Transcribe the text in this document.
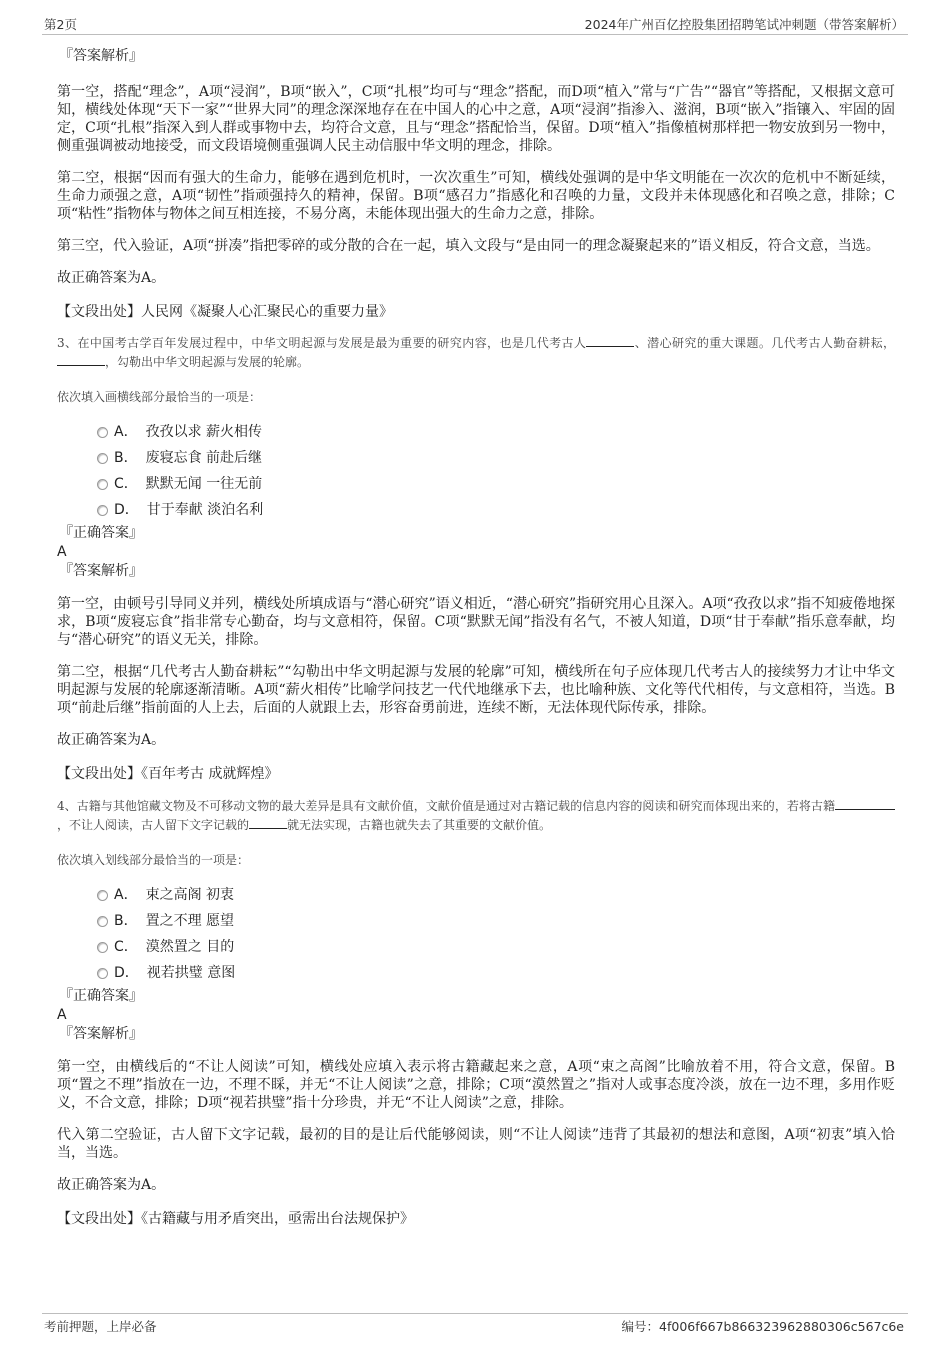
第2页	2024年广州百亿控股集团招聘笔试冲刺题（带答案解析）

『答案解析』

第一空，搭配“理念”，A项“浸润”，B项“嵌入”，C项“扎根”均可与“理念”搭配，而D项“植入”常与“广告”“器官”等搭配，又根据文意可知，横线处体现“天下一家”“世界大同”的理念深深地存在在中国人的心中之意，A项“浸润”指渗入、滋润，B项“嵌入”指镶入、牢固的固定，C项“扎根”指深入到人群或事物中去，均符合文意，且与“理念”搭配恰当，保留。D项“植入”指像植树那样把一物安放到另一物中，侧重强调被动地接受，而文段语境侧重强调人民主动信服中华文明的理念，排除。

第二空，根据“因而有强大的生命力，能够在遇到危机时，一次次重生”可知，横线处强调的是中华文明能在一次次的危机中不断延续，生命力顽强之意，A项“韧性”指顽强持久的精神，保留。B项“感召力”指感化和召唤的力量，文段并未体现感化和召唤之意，排除；C项“粘性”指物体与物体之间互相连接，不易分离，未能体现出强大的生命力之意，排除。

第三空，代入验证，A项“拼凑”指把零碎的或分散的合在一起，填入文段与“是由同一的理念凝聚起来的”语义相反，符合文意，当选。

故正确答案为A。

【文段出处】人民网《凝聚人心汇聚民心的重要力量》

3、在中国考古学百年发展过程中，中华文明起源与发展是最为重要的研究内容，也是几代考古人	、潜心研究的重大课题。几代考古人勤奋耕耘，，勾勒出中华文明起源与发展的轮廓。

依次填入画横线部分最恰当的一项是：

A． 孜孜以求 薪火相传
B． 废寝忘食 前赴后继
C． 默默无闻 一往无前
D． 甘于奉献 淡泊名利

『正确答案』

A

『答案解析』

第一空，由顿号引导同义并列，横线处所填成语与“潜心研究”语义相近，“潜心研究”指研究用心且深入。A项“孜孜以求”指不知疲倦地探求，B项“废寝忘食”指非常专心勤奋，均与文意相符，保留。C项“默默无闻”指没有名气，不被人知道，D项“甘于奉献”指乐意奉献，均与“潜心研究”的语义无关，排除。

第二空，根据“几代考古人勤奋耕耘”“勾勒出中华文明起源与发展的轮廓”可知，横线所在句子应体现几代考古人的接续努力才让中华文明起源与发展的轮廓逐渐清晰。A项“薪火相传”比喻学问技艺一代代地继承下去，也比喻种族、文化等代代相传，与文意相符，当选。B项“前赴后继”指前面的人上去，后面的人就跟上去，形容奋勇前进，连续不断，无法体现代际传承，排除。

故正确答案为A。

【文段出处】《百年考古 成就辉煌》

4、古籍与其他馆藏文物及不可移动文物的最大差异是具有文献价值，文献价值是通过对古籍记载的信息内容的阅读和研究而体现出来的，若将古籍，不让人阅读，古人留下文字记载的	就无法实现，古籍也就失去了其重要的文献价值。

依次填入划线部分最恰当的一项是：

A． 束之高阁 初衷
B． 置之不理 愿望
C． 漠然置之 目的
D． 视若拱璧 意图

『正确答案』

A

『答案解析』

第一空，由横线后的“不让人阅读”可知，横线处应填入表示将古籍藏起来之意，A项“束之高阁”比喻放着不用，符合文意，保留。B项“置之不理”指放在一边，不理不睬，并无“不让人阅读”之意，排除；C项“漠然置之”指对人或事态度冷淡，放在一边不理，多用作贬义，不合文意，排除；D项“视若拱璧”指十分珍贵，并无“不让人阅读”之意，排除。

代入第二空验证，古人留下文字记载，最初的目的是让后代能够阅读，则“不让人阅读”违背了其最初的想法和意图，A项“初衷”填入恰当，当选。

故正确答案为A。

【文段出处】《古籍藏与用矛盾突出，亟需出台法规保护》

考前押题，上岸必备	编号：4f006f667b866323962880306c567c6e
